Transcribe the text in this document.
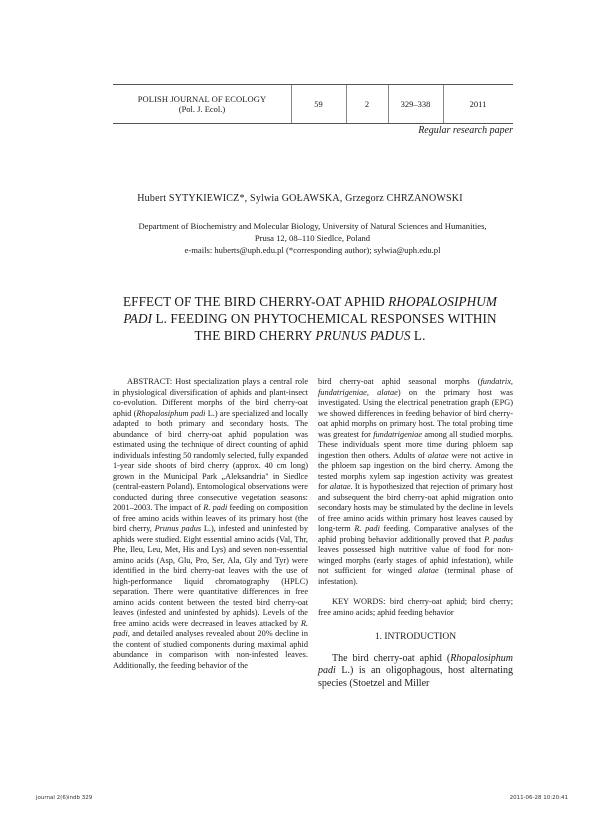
POLISH JOURNAL OF ECOLOGY
(Pol. J. Ecol.)	59	2	329–338	2011
Regular research paper
Hubert SYTYKIEWICZ*, Sylwia GOŁAWSKA, Grzegorz CHRZANOWSKI
Department of Biochemistry and Molecular Biology, University of Natural Sciences and Humanities,
Prusa 12, 08–110 Siedlce, Poland
e-mails: huberts@uph.edu.pl (*corresponding author); sylwia@uph.edu.pl
EFFECT OF THE BIRD CHERRY-OAT APHID RHOPALOSIPHUM
PADI L. FEEDING ON PHYTOCHEMICAL RESPONSES WITHIN
THE BIRD CHERRY PRUNUS PADUS L.

ABSTRACT: Host specialization plays a central role in physiological diversification of aphids and plant-insect co-evolution. Different morphs of the bird cherry-oat aphid (Rhopalosiphum padi L.) are specialized and locally adapted to both primary and secondary hosts. The abundance of bird cherry-oat aphid population was estimated using the technique of direct counting of aphid individuals infesting 50 randomly selected, fully expanded 1-year side shoots of bird cherry (approx. 40 cm long) grown in the Municipal Park „Aleksandria" in Siedlce (central-eastern Poland). Entomological observations were conducted during three consecutive vegetation seasons: 2001–2003. The impact of R. padi feeding on composition of free amino acids within leaves of its primary host (the bird cherry, Prunus padus L.), infested and uninfested by aphids were studied. Eight essential amino acids (Val, Thr, Phe, Ileu, Leu, Met, His and Lys) and seven non-essential amino acids (Asp, Glu, Pro, Ser, Ala, Gly and Tyr) were identified in the bird cherry-oat leaves with the use of high-performance liquid chromatography (HPLC) separation. There were quantitative differences in free amino acids content between the tested bird cherry-oat leaves (infested and uninfested by aphids). Levels of the free amino acids were decreased in leaves attacked by R. padi, and detailed analyses revealed about 20% decline in the content of studied components during maximal aphid abundance in comparison with non-infested leaves. Additionally, the feeding behavior of the

bird cherry-oat aphid seasonal morphs (fundatrix, fundatrigeniae, alatae) on the primary host was investigated. Using the electrical penetration graph (EPG) we showed differences in feeding behavior of bird cherry-oat aphid morphs on primary host. The total probing time was greatest for fundatrigeniae among all studied morphs. These individuals spent more time during phloem sap ingestion then others. Adults of alatae were not active in the phloem sap ingestion on the bird cherry. Among the tested morphs xylem sap ingestion activity was greatest for alatae. It is hypothesized that rejection of primary host and subsequent the bird cherry-oat aphid migration onto secondary hosts may be stimulated by the decline in levels of free amino acids within primary host leaves caused by long-term R. padi feeding. Comparative analyses of the aphid probing behavior additionally proved that P. padus leaves possessed high nutritive value of food for non-winged morphs (early stages of aphid infestation), while not sufficient for winged alatae (terminal phase of infestation).

KEY WORDS: bird cherry-oat aphid; bird cherry; free amino acids; aphid feeding behavior

1. INTRODUCTION

The bird cherry-oat aphid (Rhopalosiphum padi L.) is an oligophagous, host alternating species (Stoetzel and Miller

journal 2(6)indb 329	2011-06-28 10:20:41
